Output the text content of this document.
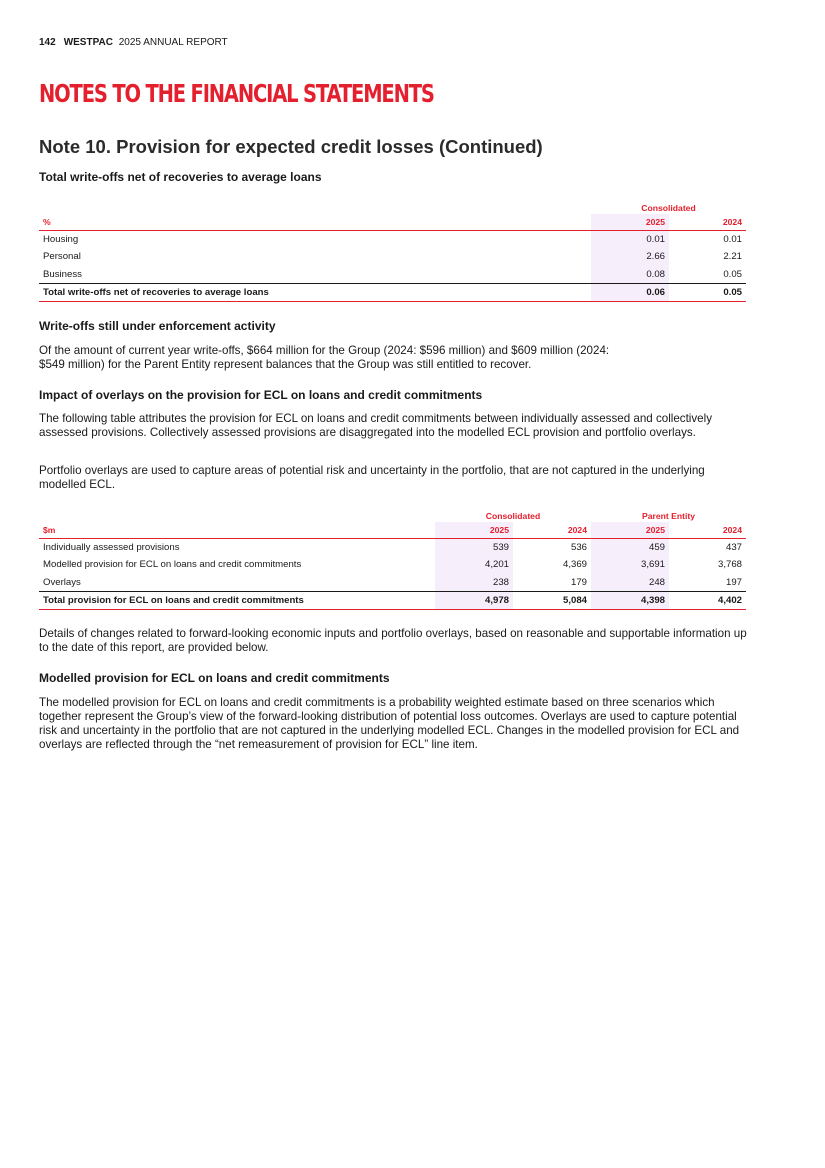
142 WESTPAC 2025 ANNUAL REPORT
NOTES TO THE FINANCIAL STATEMENTS
Note 10. Provision for expected credit losses (Continued)
Total write-offs net of recoveries to average loans
	Consolidated	
%	2025	2024
Housing	0.01	0.01
Personal	2.66	2.21
Business	0.08	0.05
Total write-offs net of recoveries to average loans	0.06	0.05
Write-offs still under enforcement activity

Of the amount of current year write-offs, $664 million for the Group (2024: $596 million) and $609 million (2024:
$549 million) for the Parent Entity represent balances that the Group was still entitled to recover.

Impact of overlays on the provision for ECL on loans and credit commitments

The following table attributes the provision for ECL on loans and credit commitments between individually assessed and collectively assessed provisions. Collectively assessed provisions are disaggregated into the modelled ECL provision and portfolio overlays.

Portfolio overlays are used to capture areas of potential risk and uncertainty in the portfolio, that are not captured in the underlying modelled ECL.

	Consolidated		Parent Entity	
$m	2025	2024	2025	2024
Individually assessed provisions	539	536	459	437
Modelled provision for ECL on loans and credit commitments	4,201	4,369	3,691	3,768
Overlays	238	179	248	197
Total provision for ECL on loans and credit commitments	4,978	5,084	4,398	4,402

Details of changes related to forward-looking economic inputs and portfolio overlays, based on reasonable and supportable information up to the date of this report, are provided below.

Modelled provision for ECL on loans and credit commitments

The modelled provision for ECL on loans and credit commitments is a probability weighted estimate based on three scenarios which together represent the Group’s view of the forward-looking distribution of potential loss outcomes. Overlays are used to capture potential risk and uncertainty in the portfolio that are not captured in the underlying modelled ECL. Changes in the modelled provision for ECL and overlays are reflected through the “net remeasurement of provision for ECL” line item.
